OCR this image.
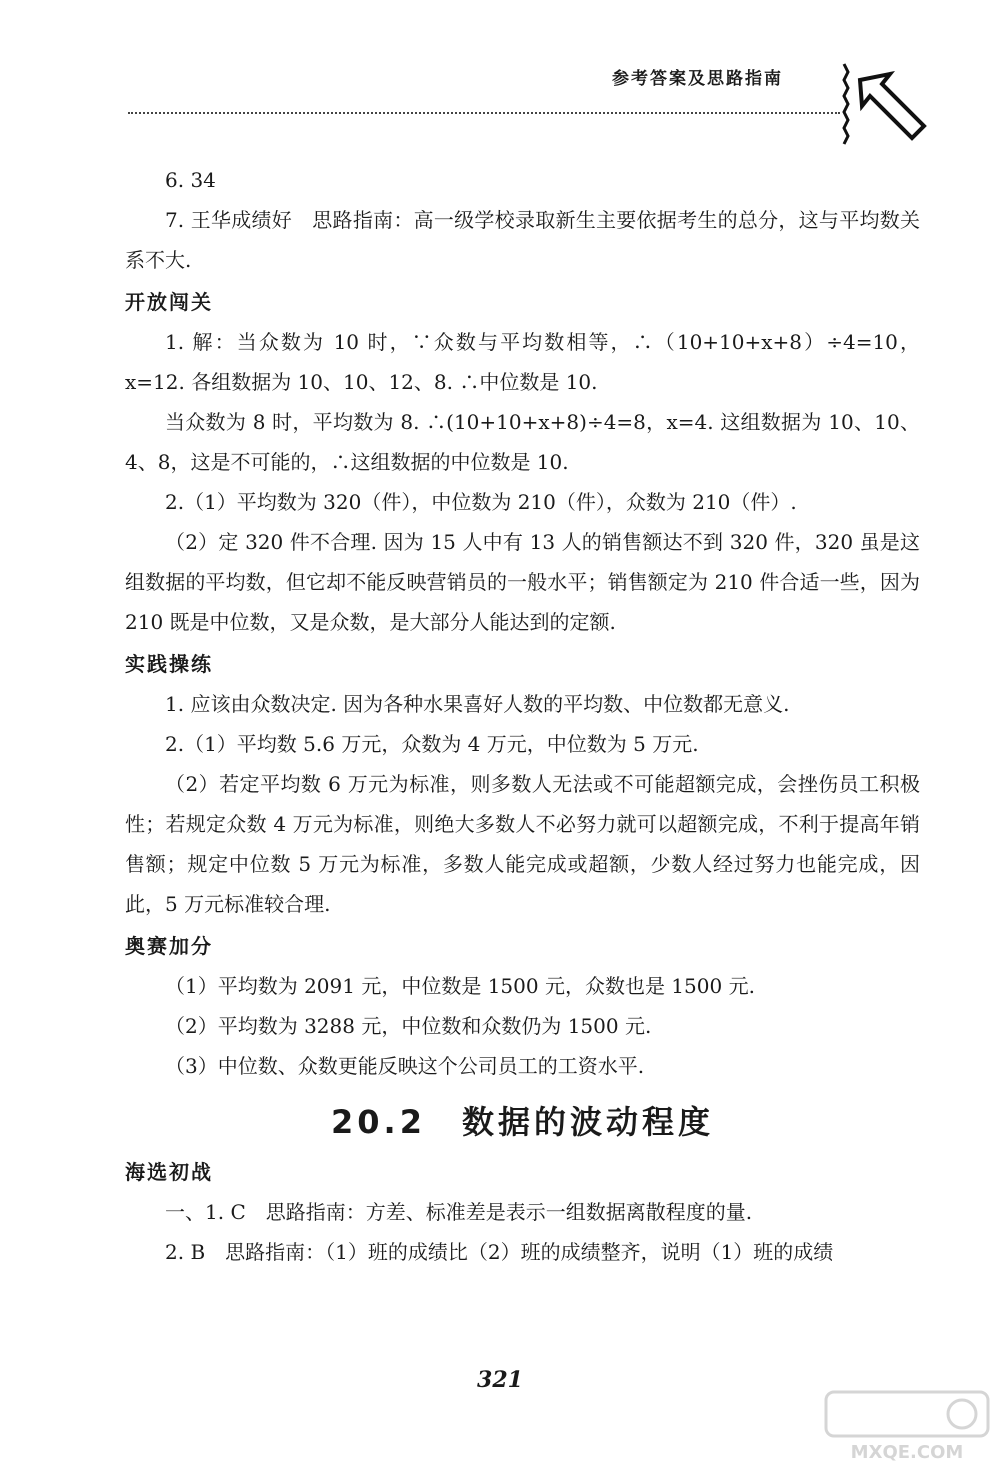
参考答案及思路指南
6. 34
7. 王华成绩好　思路指南：高一级学校录取新生主要依据考生的总分，这与平均数关系不大.
开放闯关
1. 解：当众数为 10 时，∵众数与平均数相等，∴（10+10+x+8）÷4=10，x=12. 各组数据为 10、10、12、8. ∴中位数是 10.
当众数为 8 时，平均数为 8. ∴(10+10+x+8)÷4=8，x=4. 这组数据为 10、10、4、8，这是不可能的，∴这组数据的中位数是 10.
2.（1）平均数为 320（件），中位数为 210（件），众数为 210（件）.
（2）定 320 件不合理. 因为 15 人中有 13 人的销售额达不到 320 件，320 虽是这组数据的平均数，但它却不能反映营销员的一般水平；销售额定为 210 件合适一些，因为 210 既是中位数，又是众数，是大部分人能达到的定额.
实践操练
1. 应该由众数决定. 因为各种水果喜好人数的平均数、中位数都无意义.
2.（1）平均数 5.6 万元，众数为 4 万元，中位数为 5 万元.
（2）若定平均数 6 万元为标准，则多数人无法或不可能超额完成，会挫伤员工积极性；若规定众数 4 万元为标准，则绝大多数人不必努力就可以超额完成，不利于提高年销售额；规定中位数 5 万元为标准，多数人能完成或超额，少数人经过努力也能完成，因此，5 万元标准较合理.
奥赛加分
（1）平均数为 2091 元，中位数是 1500 元，众数也是 1500 元.
（2）平均数为 3288 元，中位数和众数仍为 1500 元.
（3）中位数、众数更能反映这个公司员工的工资水平.
20.2　数据的波动程度
海选初战
一、1. C　思路指南：方差、标准差是表示一组数据离散程度的量.
2. B　思路指南：（1）班的成绩比（2）班的成绩整齐，说明（1）班的成绩
321
MXQE.COM
